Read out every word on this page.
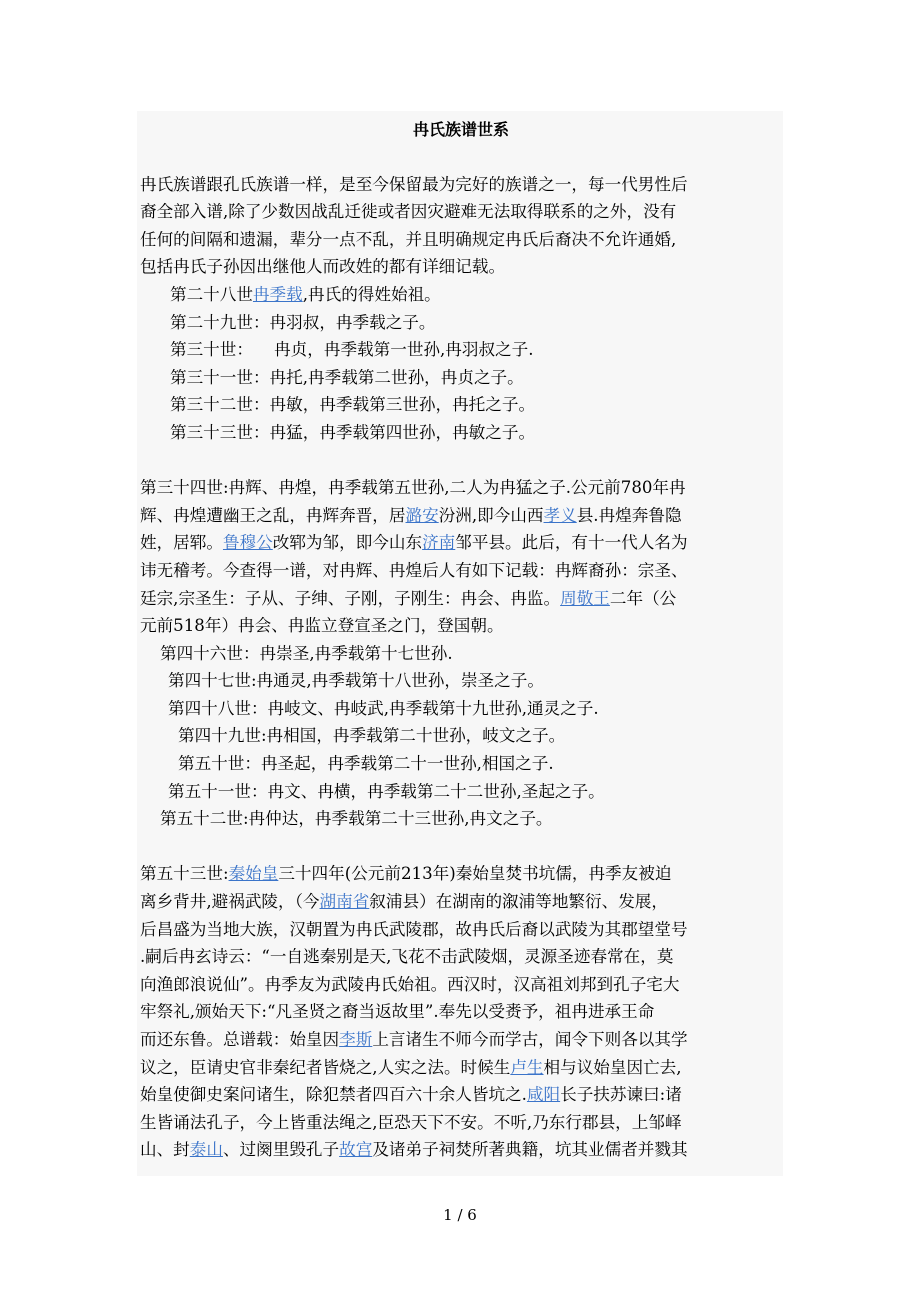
冉氏族谱世系
冉氏族谱跟孔氏族谱一样，是至今保留最为完好的族谱之一，每一代男性后
裔全部入谱,除了少数因战乱迁徙或者因灾避难无法取得联系的之外，没有
任何的间隔和遗漏，辈分一点不乱，并且明确规定冉氏后裔决不允许通婚,
包括冉氏子孙因出继他人而改姓的都有详细记载。
第二十八世冉季载,冉氏的得姓始祖。
第二十九世：冉羽叔，冉季载之子。
第三十世：    冉贞，冉季载第一世孙,冉羽叔之子.
第三十一世：冉托,冉季载第二世孙，冉贞之子。
第三十二世：冉敏，冉季载第三世孙，冉托之子。
第三十三世：冉猛，冉季载第四世孙，冉敏之子。
第三十四世:冉辉、冉煌，冉季载第五世孙,二人为冉猛之子.公元前780年冉
辉、冉煌遭幽王之乱，冉辉奔晋，居潞安汾洲,即今山西孝义县.冉煌奔鲁隐
姓，居郓。鲁穆公改郓为邹，即今山东济南邹平县。此后，有十一代人名为
讳无稽考。今查得一谱，对冉辉、冉煌后人有如下记载：冉辉裔孙：宗圣、
廷宗,宗圣生：子从、子绅、子刚，子刚生：冉会、冉监。周敬王二年（公
元前518年）冉会、冉监立登宣圣之门，登国朝。
第四十六世：冉崇圣,冉季载第十七世孙.
第四十七世:冉通灵,冉季载第十八世孙，崇圣之子。
第四十八世：冉岐文、冉岐武,冉季载第十九世孙,通灵之子.
第四十九世:冉相国，冉季载第二十世孙，岐文之子。
第五十世：冉圣起，冉季载第二十一世孙,相国之子.
第五十一世：冉文、冉横，冉季载第二十二世孙,圣起之子。
第五十二世:冉仲达，冉季载第二十三世孙,冉文之子。
第五十三世:秦始皇三十四年(公元前213年)秦始皇焚书坑儒，冉季友被迫
离乡背井,避祸武陵，（今湖南省叙浦县）在湖南的溆浦等地繁衍、发展，
后昌盛为当地大族，汉朝置为冉氏武陵郡，故冉氏后裔以武陵为其郡望堂号
.嗣后冉玄诗云：“一自逃秦别是天,飞花不击武陵烟，灵源圣迹春常在，莫
向渔郎浪说仙”。冉季友为武陵冉氏始祖。西汉时，汉高祖刘邦到孔子宅大
牢祭礼,颁始天下:“凡圣贤之裔当返故里”.奉先以受赉予，祖冉进承王命
而还东鲁。总谱载：始皇因李斯上言诸生不师今而学古，闻令下则各以其学
议之，臣请史官非秦纪者皆烧之,人实之法。时候生卢生相与议始皇因亡去,
始皇使御史案问诸生，除犯禁者四百六十余人皆坑之.咸阳长子扶苏谏曰:诸
生皆诵法孔子，今上皆重法绳之,臣恐天下不安。不听,乃东行郡县，上邹峄
山、封泰山、过阕里毁孔子故宫及诸弟子祠焚所著典籍，坑其业儒者并戮其
1 / 6
